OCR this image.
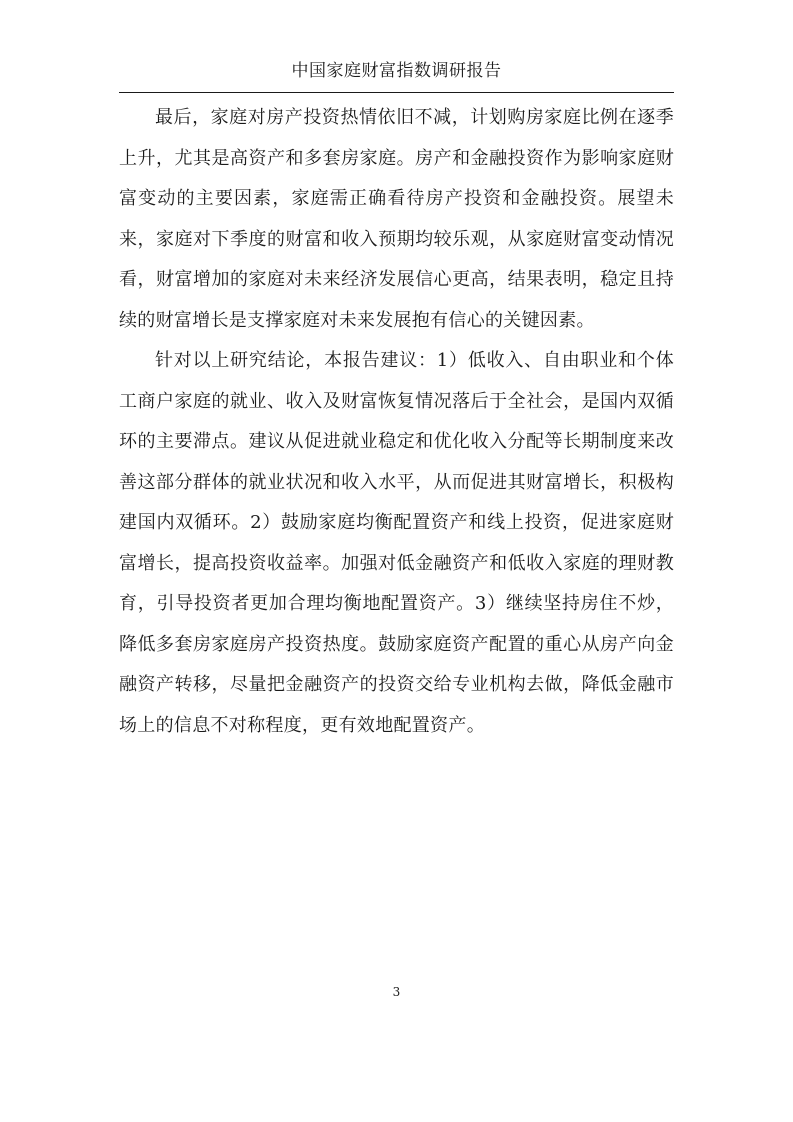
中国家庭财富指数调研报告

最后，家庭对房产投资热情依旧不减，计划购房家庭比例在逐季上升，尤其是高资产和多套房家庭。房产和金融投资作为影响家庭财富变动的主要因素，家庭需正确看待房产投资和金融投资。展望未来，家庭对下季度的财富和收入预期均较乐观，从家庭财富变动情况看，财富增加的家庭对未来经济发展信心更高，结果表明，稳定且持续的财富增长是支撑家庭对未来发展抱有信心的关键因素。

针对以上研究结论，本报告建议：1）低收入、自由职业和个体工商户家庭的就业、收入及财富恢复情况落后于全社会，是国内双循环的主要滞点。建议从促进就业稳定和优化收入分配等长期制度来改善这部分群体的就业状况和收入水平，从而促进其财富增长，积极构建国内双循环。2）鼓励家庭均衡配置资产和线上投资，促进家庭财富增长，提高投资收益率。加强对低金融资产和低收入家庭的理财教育，引导投资者更加合理均衡地配置资产。3）继续坚持房住不炒，降低多套房家庭房产投资热度。鼓励家庭资产配置的重心从房产向金融资产转移，尽量把金融资产的投资交给专业机构去做，降低金融市场上的信息不对称程度，更有效地配置资产。

3
